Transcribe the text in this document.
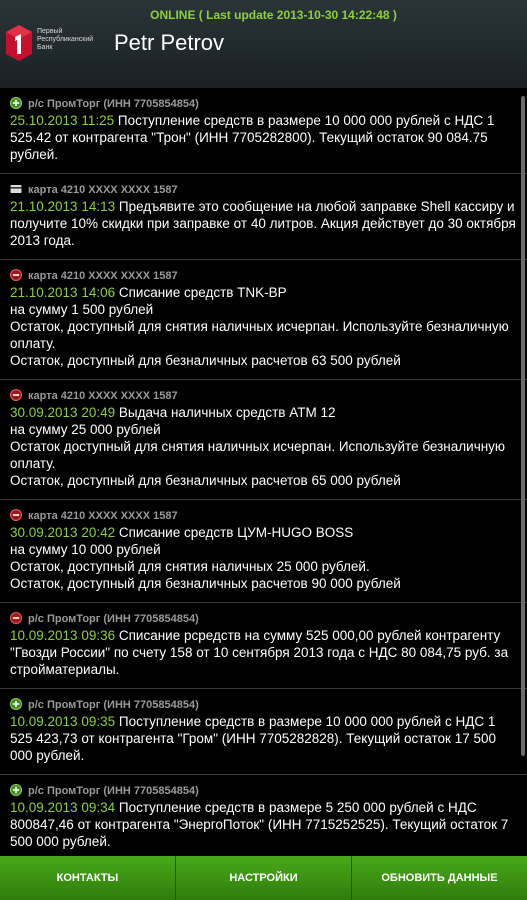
ONLINE ( Last update 2013-10-30 14:22:48 )
Первый Республиканский Банк	Petr Petrov
р/с ПромТорг (ИНН 7705854854)
25.10.2013 11:25 Поступление средств в размере 10 000 000 рублей с НДС 1 525.42 от контрагента "Трон" (ИНН 7705282800). Текущий остаток 90 084.75 рублей.
карта 4210 XXXX XXXX 1587
21.10.2013 14:13 Предъявите это сообщение на любой заправке Shell кассиру и получите 10% скидки при заправке от 40 литров. Акция действует до 30 октября 2013 года.
карта 4210 XXXX XXXX 1587
21.10.2013 14:06 Списание средств TNK-BP
на сумму 1 500 рублей
Остаток, доступный для снятия наличных исчерпан. Используйте безналичную оплату.
Остаток, доступный для безналичных расчетов 63 500 рублей
карта 4210 XXXX XXXX 1587
30.09.2013 20:49 Выдача наличных средств ATM 12
на сумму 25 000 рублей
Остаток доступный для снятия наличных исчерпан. Используйте безналичную оплату.
Остаток, доступный для безналичных расчетов 65 000 рублей
карта 4210 XXXX XXXX 1587
30.09.2013 20:42 Списание средств ЦУМ-HUGO BOSS
на сумму 10 000 рублей
Остаток, доступный для снятия наличных 25 000 рублей.
Остаток, доступный для безналичных расчетов 90 000 рублей
р/с ПромТорг (ИНН 7705854854)
10.09.2013 09:36 Списание рсредств на сумму 525 000,00 рублей контрагенту "Гвозди России" по счету 158 от 10 сентября 2013 года с НДС 80 084,75 руб. за стройматериалы.
р/с ПромТорг (ИНН 7705854854)
10.09.2013 09:35 Поступление средств в размере 10 000 000 рублей с НДС 1 525 423,73 от контрагента "Гром" (ИНН 7705282828). Текущий остаток 17 500 000 рублей.
р/с ПромТорг (ИНН 7705854854)
10.09.2013 09:34 Поступление средств в размере 5 250 000 рублей с НДС 800847,46 от контрагента "ЭнергоПоток" (ИНН 7715252525). Текущий остаток 7 500 000 рублей.
КОНТАКТЫ	НАСТРОЙКИ	ОБНОВИТЬ ДАННЫЕ
